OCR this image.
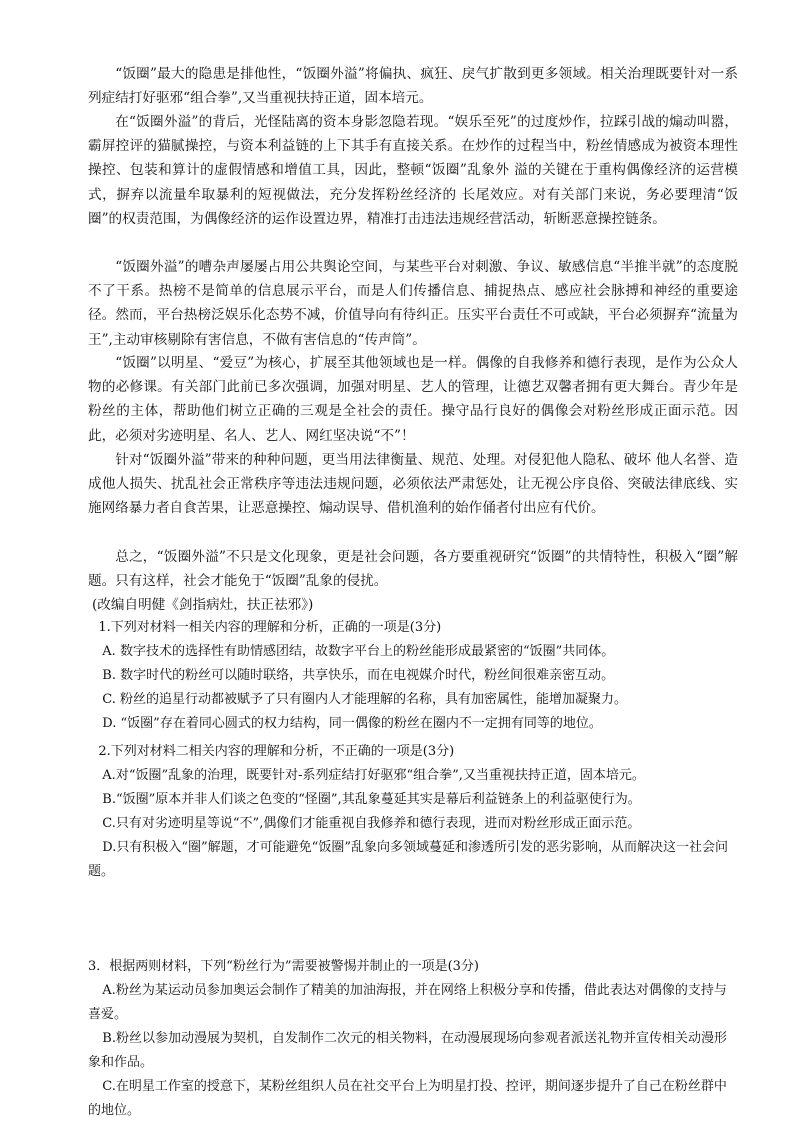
“饭圈”最大的隐患是排他性，“饭圈外溢”将偏执、疯狂、戾气扩散到更多领域。相关治理既要针对一系列症结打好驱邪“组合拳”,又当重视扶持正道，固本培元。

在“饭圈外溢”的背后，光怪陆离的资本身影忽隐若现。“娱乐至死”的过度炒作，拉踩引战的煽动叫嚣，霸屏控评的猫腻操控，与资本利益链的上下其手有直接关系。在炒作的过程当中，粉丝情感成为被资本理性操控、包装和算计的虚假情感和增值工具，因此，整顿“饭圈”乱象外 溢的关键在于重构偶像经济的运营模式，摒弃以流量牟取暴利的短视做法，充分发挥粉丝经济的 长尾效应。对有关部门来说，务必要理清“饭圈”的权责范围，为偶像经济的运作设置边界，精准打击违法违规经营活动，斩断恶意操控链条。

“饭圈外溢”的嘈杂声屡屡占用公共舆论空间，与某些平台对刺激、争议、敏感信息“半推半就”的态度脱不了干系。热榜不是简单的信息展示平台，而是人们传播信息、捕捉热点、感应社会脉搏和神经的重要途径。然而，平台热榜泛娱乐化态势不减，价值导向有待纠正。压实平台责任不可或缺，平台必须摒弃“流量为王”,主动审核剔除有害信息，不做有害信息的“传声筒”。

“饭圈”以明星、“爱豆”为核心，扩展至其他领域也是一样。偶像的自我修养和德行表现，是作为公众人物的必修课。有关部门此前已多次强调，加强对明星、艺人的管理，让德艺双馨者拥有更大舞台。青少年是粉丝的主体，帮助他们树立正确的三观是全社会的责任。操守品行良好的偶像会对粉丝形成正面示范。因此，必须对劣迹明星、名人、艺人、网红坚决说“不”！

针对“饭圈外溢”带来的种种问题，更当用法律衡量、规范、处理。对侵犯他人隐私、破坏 他人名誉、造成他人损失、扰乱社会正常秩序等违法违规问题，必须依法严肃惩处，让无视公序良俗、突破法律底线、实施网络暴力者自食苦果，让恶意操控、煽动误导、借机渔利的始作俑者付出应有代价。

总之，“饭圈外溢”不只是文化现象，更是社会问题，各方要重视研究“饭圈”的共情特性，积极入“圈”解题。只有这样，社会才能免于“饭圈”乱象的侵扰。

(改编自明健《剑指病灶，扶正祛邪》)
1.下列对材料一相关内容的理解和分析，正确的一项是(3分)
A. 数字技术的选择性有助情感团结，故数字平台上的粉丝能形成最紧密的“饭圈”共同体。
B. 数字时代的粉丝可以随时联络，共享快乐，而在电视媒介时代，粉丝间很难亲密互动。
C. 粉丝的追星行动都被赋予了只有圈内人才能理解的名称，具有加密属性，能增加凝聚力。
D. “饭圈”存在着同心圆式的权力结构，同一偶像的粉丝在圈内不一定拥有同等的地位。
2.下列对材料二相关内容的理解和分析，不正确的一项是(3分)
A.对“饭圈”乱象的治理，既要针对-系列症结打好驱邪“组合拳”,又当重视扶持正道，固本培元。
B.“饭圈”原本并非人们谈之色变的“怪圈”,其乱象蔓延其实是幕后利益链条上的利益驱使行为。
C.只有对劣迹明星等说“不”,偶像们才能重视自我修养和德行表现，进而对粉丝形成正面示范。
D.只有积极入“圈”解题，才可能避免“饭圈”乱象向多领域蔓延和渗透所引发的恶劣影响，从而解决这一社会问题。
3．根据两则材料，下列“粉丝行为”需要被警惕并制止的一项是(3分)
A.粉丝为某运动员参加奥运会制作了精美的加油海报，并在网络上积极分享和传播，借此表达对偶像的支持与喜爱。
B.粉丝以参加动漫展为契机，自发制作二次元的相关物料，在动漫展现场向参观者派送礼物并宣传相关动漫形象和作品。
C.在明星工作室的授意下，某粉丝组织人员在社交平台上为明星打投、控评，期间逐步提升了自己在粉丝群中的地位。
